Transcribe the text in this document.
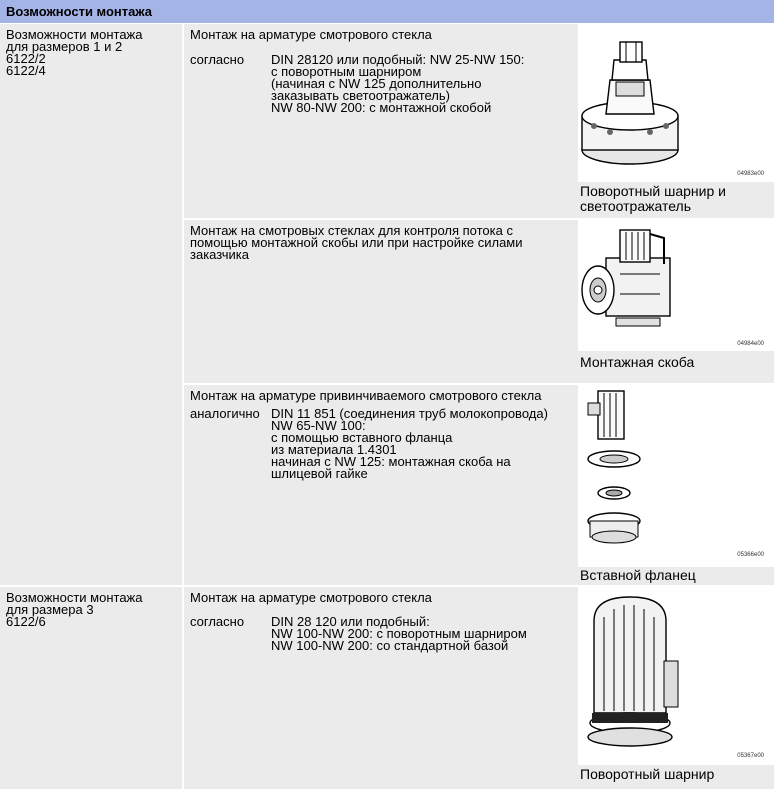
Возможности монтажа
Возможности монтажа
для размеров 1 и 2
6122/2
6122/4
Монтаж на арматуре смотрового стекла
согласно DIN 28120 или подобный: NW 25-NW 150:
с поворотным шарниром
(начиная с NW 125 дополнительно
заказывать светоотражатель)
NW 80-NW 200: с монтажной скобой
04983e00
Поворотный шарнир и
светоотражатель
Монтаж на смотровых стеклах для контроля потока с
помощью монтажной скобы или при настройке силами
заказчика
04984e00
Монтажная скоба
Монтаж на арматуре привинчиваемого смотрового стекла
аналогично DIN 11 851 (соединения труб молокопровода)
NW 65-NW 100:
с помощью вставного фланца
из материала 1.4301
начиная с NW 125: монтажная скоба на
шлицевой гайке
05366e00
Вставной фланец
Возможности монтажа
для размера 3
6122/6
Монтаж на арматуре смотрового стекла
согласно DIN 28 120 или подобный:
NW 100-NW 200: с поворотным шарниром
NW 100-NW 200: со стандартной базой
05367e00
Поворотный шарнир
